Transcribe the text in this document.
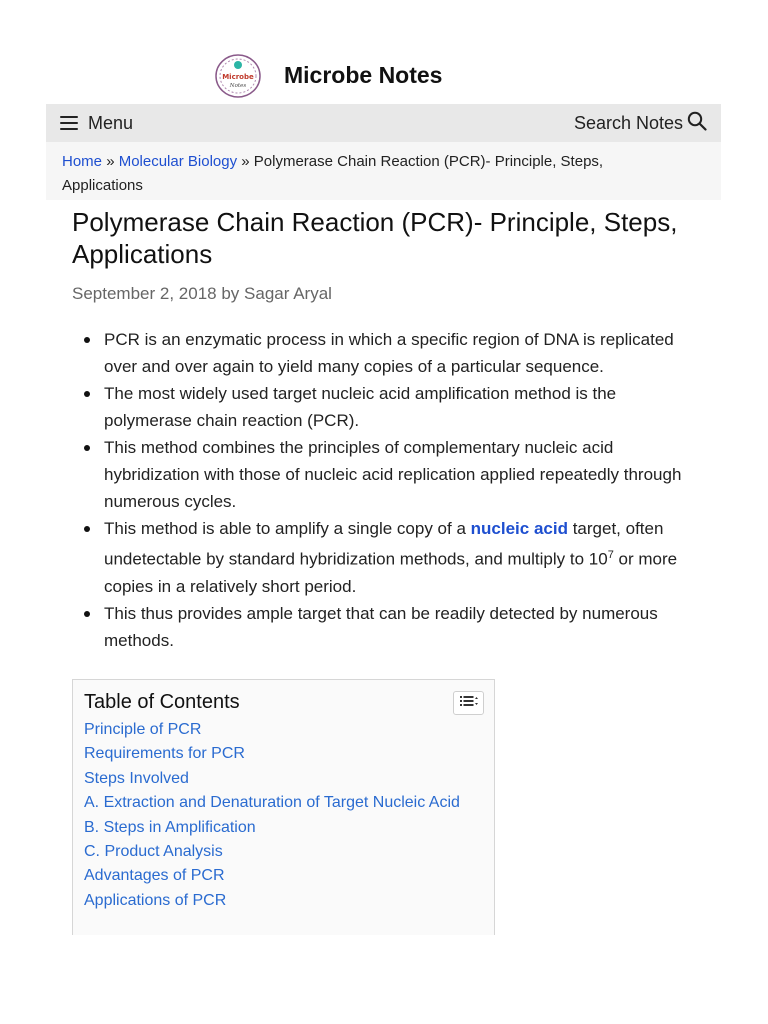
Microbe
Notes Microbe Notes
Menu	Search Notes
Home » Molecular Biology » Polymerase Chain Reaction (PCR)- Principle, Steps, Applications
Polymerase Chain Reaction (PCR)- Principle, Steps, Applications
September 2, 2018 by Sagar Aryal
PCR is an enzymatic process in which a specific region of DNA is replicated over and over again to yield many copies of a particular sequence.
The most widely used target nucleic acid amplification method is the polymerase chain reaction (PCR).
This method combines the principles of complementary nucleic acid hybridization with those of nucleic acid replication applied repeatedly through numerous cycles.
This method is able to amplify a single copy of a nucleic acid target, often undetectable by standard hybridization methods, and multiply to $10^7$ or more copies in a relatively short period.
This thus provides ample target that can be readily detected by numerous methods.
Table of Contents
Principle of PCR
Requirements for PCR
Steps Involved
A. Extraction and Denaturation of Target Nucleic Acid
B. Steps in Amplification
C. Product Analysis
Advantages of PCR
Applications of PCR
